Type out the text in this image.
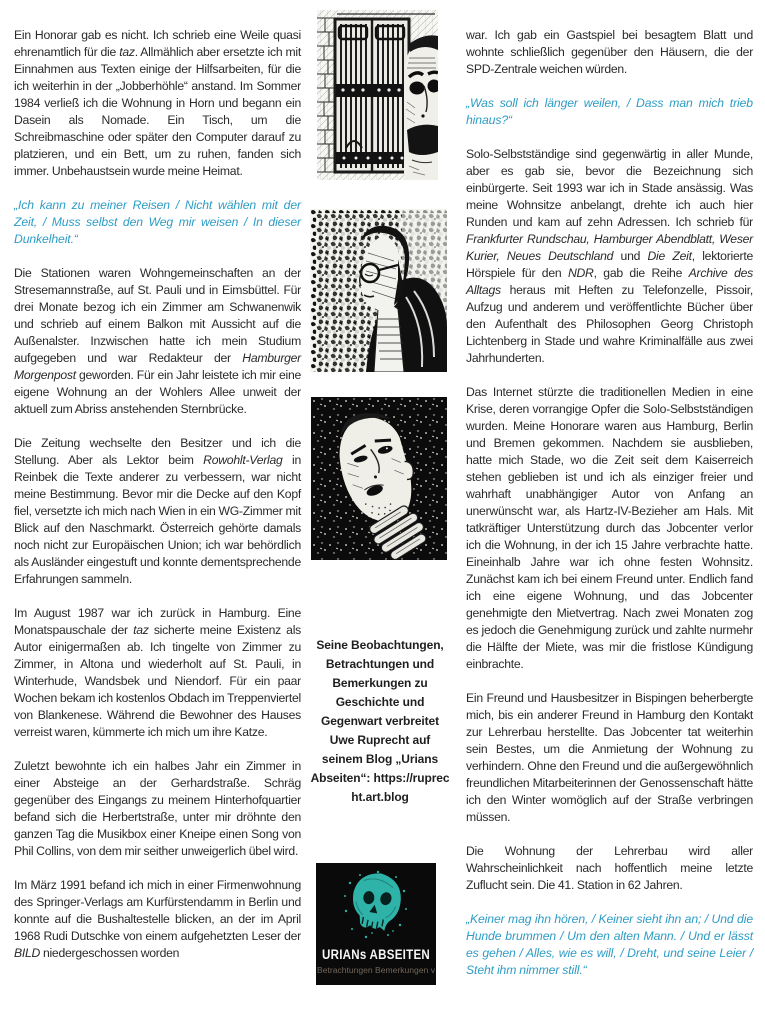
Ein Honorar gab es nicht. Ich schrieb eine Weile quasi ehrenamtlich für die taz. Allmählich aber ersetzte ich mit Einnahmen aus Texten einige der Hilfsarbeiten, für die ich weiterhin in der „Jobberhöhle“ anstand. Im Sommer 1984 verließ ich die Wohnung in Horn und begann ein Dasein als Nomade. Ein Tisch, um die Schreibmaschine oder später den Computer darauf zu platzieren, und ein Bett, um zu ruhen, fanden sich immer. Unbehaustsein wurde meine Heimat.

„Ich kann zu meiner Reisen / Nicht wählen mit der Zeit, / Muss selbst den Weg mir weisen / In dieser Dunkelheit.“

Die Stationen waren Wohngemeinschaften an der Stresemannstraße, auf St. Pauli und in Eimsbüttel. Für drei Monate bezog ich ein Zimmer am Schwanenwik und schrieb auf einem Balkon mit Aussicht auf die Außenalster. Inzwischen hatte ich mein Studium aufgegeben und war Redakteur der Hamburger Morgenpost geworden. Für ein Jahr leistete ich mir eine eigene Wohnung an der Wohlers Allee unweit der aktuell zum Abriss anstehenden Sternbrücke.

Die Zeitung wechselte den Besitzer und ich die Stellung. Aber als Lektor beim Rowohlt-Verlag in Reinbek die Texte anderer zu verbessern, war nicht meine Bestimmung. Bevor mir die Decke auf den Kopf fiel, versetzte ich mich nach Wien in ein WG-Zimmer mit Blick auf den Naschmarkt. Österreich gehörte damals noch nicht zur Europäischen Union; ich war behördlich als Ausländer eingestuft und konnte dementsprechende Erfahrungen sammeln.

Im August 1987 war ich zurück in Hamburg. Eine Monatspauschale der taz sicherte meine Existenz als Autor einigermaßen ab. Ich tingelte von Zimmer zu Zimmer, in Altona und wiederholt auf St. Pauli, in Winterhude, Wandsbek und Niendorf. Für ein paar Wochen bekam ich kostenlos Obdach im Treppenviertel von Blankenese. Während die Bewohner des Hauses verreist waren, kümmerte ich mich um ihre Katze.

Zuletzt bewohnte ich ein halbes Jahr ein Zimmer in einer Absteige an der Gerhardstraße. Schräg gegenüber des Eingangs zu meinem Hinterhofquartier befand sich die Herbertstraße, unter mir dröhnte den ganzen Tag die Musikbox einer Kneipe einen Song von Phil Collins, von dem mir seither unweigerlich übel wird.

Im März 1991 befand ich mich in einer Firmenwohnung des Springer-Verlags am Kurfürstendamm in Berlin und konnte auf die Bushaltestelle blicken, an der im April 1968 Rudi Dutschke von einem aufgehetzten Leser der BILD niedergeschossen worden

Seine Beobachtungen, Betrachtungen und Bemerkungen zu Geschichte und Gegenwart verbreitet Uwe Ruprecht auf seinem Blog „Urians Abseiten“: https://ruprecht.art.blog
URIANs ABSEITEN
Betrachtungen Bemerkungen v

war. Ich gab ein Gastspiel bei besagtem Blatt und wohnte schließlich gegenüber den Häusern, die der SPD-Zentrale weichen würden.

„Was soll ich länger weilen, / Dass man mich trieb hinaus?“

Solo-Selbstständige sind gegenwärtig in aller Munde, aber es gab sie, bevor die Bezeichnung sich einbürgerte. Seit 1993 war ich in Stade ansässig. Was meine Wohnsitze anbelangt, drehte ich auch hier Runden und kam auf zehn Adressen. Ich schrieb für Frankfurter Rundschau, Hamburger Abendblatt, Weser Kurier, Neues Deutschland und Die Zeit, lektorierte Hörspiele für den NDR, gab die Reihe Archive des Alltags heraus mit Heften zu Telefonzelle, Pissoir, Aufzug und anderem und veröffentlichte Bücher über den Aufenthalt des Philosophen Georg Christoph Lichtenberg in Stade und wahre Kriminalfälle aus zwei Jahrhunderten.

Das Internet stürzte die traditionellen Medien in eine Krise, deren vorrangige Opfer die Solo-Selbstständigen wurden. Meine Honorare waren aus Hamburg, Berlin und Bremen gekommen. Nachdem sie ausblieben, hatte mich Stade, wo die Zeit seit dem Kaiserreich stehen geblieben ist und ich als einziger freier und wahrhaft unabhängiger Autor von Anfang an unerwünscht war, als Hartz-IV-Bezieher am Hals. Mit tatkräftiger Unterstützung durch das Jobcenter verlor ich die Wohnung, in der ich 15 Jahre verbrachte hatte. Eineinhalb Jahre war ich ohne festen Wohnsitz. Zunächst kam ich bei einem Freund unter. Endlich fand ich eine eigene Wohnung, und das Jobcenter genehmigte den Mietvertrag. Nach zwei Monaten zog es jedoch die Genehmigung zurück und zahlte nurmehr die Hälfte der Miete, was mir die fristlose Kündigung einbrachte.

Ein Freund und Hausbesitzer in Bispingen beherbergte mich, bis ein anderer Freund in Hamburg den Kontakt zur Lehrerbau herstellte. Das Jobcenter tat weiterhin sein Bestes, um die Anmietung der Wohnung zu verhindern. Ohne den Freund und die außergewöhnlich freundlichen Mitarbeiterinnen der Genossenschaft hätte ich den Winter womöglich auf der Straße verbringen müssen.

Die Wohnung der Lehrerbau wird aller Wahrscheinlichkeit nach hoffentlich meine letzte Zuflucht sein. Die 41. Station in 62 Jahren.

„Keiner mag ihn hören, / Keiner sieht ihn an; / Und die Hunde brummen / Um den alten Mann. / Und er lässt es gehen / Alles, wie es will, / Dreht, und seine Leier / Steht ihm nimmer still.“
